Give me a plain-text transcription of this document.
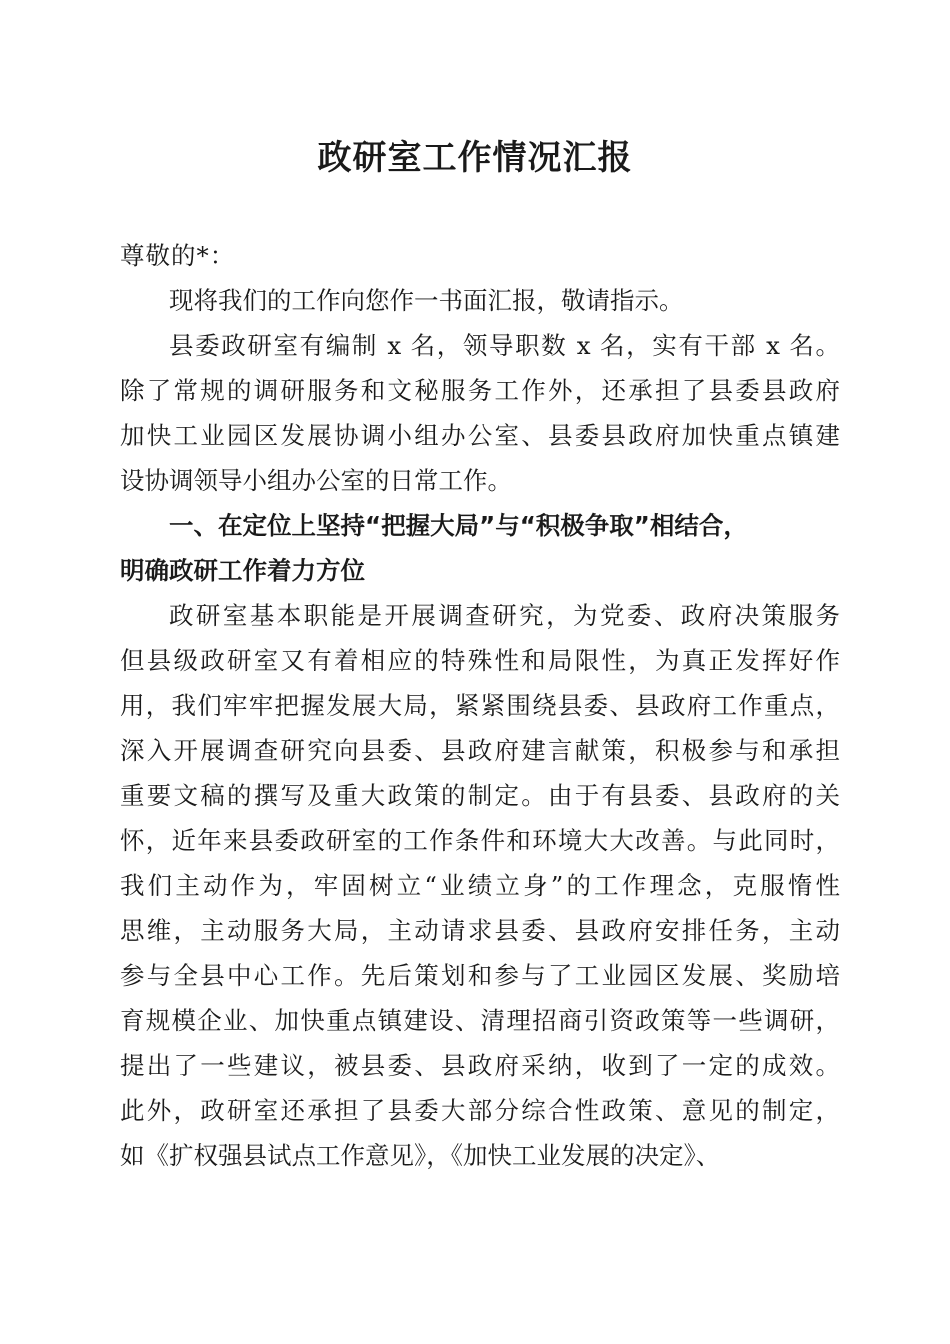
政研室工作情况汇报
尊敬的*：
现将我们的工作向您作一书面汇报，敬请指示。
县委政研室有编制 x 名，领导职数 x 名，实有干部 x 名。
除了常规的调研服务和文秘服务工作外，还承担了县委县政府
加快工业园区发展协调小组办公室、县委县政府加快重点镇建
设协调领导小组办公室的日常工作。
一、在定位上坚持“把握大局”与“积极争取”相结合，
明确政研工作着力方位
政研室基本职能是开展调查研究，为党委、政府决策服务
但县级政研室又有着相应的特殊性和局限性，为真正发挥好作
用，我们牢牢把握发展大局，紧紧围绕县委、县政府工作重点，
深入开展调查研究向县委、县政府建言献策，积极参与和承担
重要文稿的撰写及重大政策的制定。由于有县委、县政府的关
怀，近年来县委政研室的工作条件和环境大大改善。与此同时，
我们主动作为，牢固树立“业绩立身”的工作理念，克服惰性
思维，主动服务大局，主动请求县委、县政府安排任务，主动
参与全县中心工作。先后策划和参与了工业园区发展、奖励培
育规模企业、加快重点镇建设、清理招商引资政策等一些调研，
提出了一些建议，被县委、县政府采纳，收到了一定的成效。
此外，政研室还承担了县委大部分综合性政策、意见的制定，
如《扩权强县试点工作意见》，《加快工业发展的决定》、
